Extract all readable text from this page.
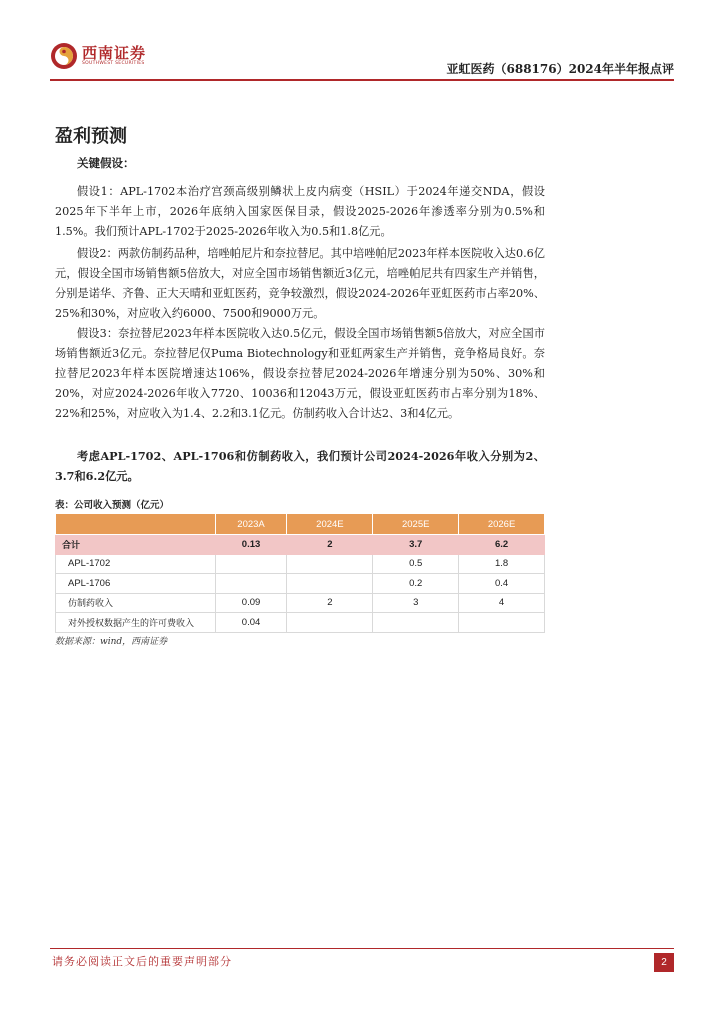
西南证券
SOUTHWEST SECURITIES	亚虹医药（688176）2024年半年报点评
盈利预测
关键假设：

假设1：APL-1702本治疗宫颈高级别鳞状上皮内病变（HSIL）于2024年递交NDA，假设2025年下半年上市，2026年底纳入国家医保目录，假设2025-2026年渗透率分别为0.5%和1.5%。我们预计APL-1702于2025-2026年收入为0.5和1.8亿元。

假设2：两款仿制药品种，培唑帕尼片和奈拉替尼。其中培唑帕尼2023年样本医院收入达0.6亿元，假设全国市场销售额5倍放大，对应全国市场销售额近3亿元，培唑帕尼共有四家生产并销售，分别是诺华、齐鲁、正大天晴和亚虹医药，竞争较激烈，假设2024-2026年亚虹医药市占率20%、25%和30%，对应收入约6000、7500和9000万元。

假设3：奈拉替尼2023年样本医院收入达0.5亿元，假设全国市场销售额5倍放大，对应全国市场销售额近3亿元。奈拉替尼仅Puma Biotechnology和亚虹两家生产并销售，竞争格局良好。奈拉替尼2023年样本医院增速达106%，假设奈拉替尼2024-2026年增速分别为50%、30%和20%，对应2024-2026年收入7720、10036和12043万元，假设亚虹医药市占率分别为18%、22%和25%，对应收入为1.4、2.2和3.1亿元。仿制药收入合计达2、3和4亿元。

考虑APL-1702、APL-1706和仿制药收入，我们预计公司2024-2026年收入分别为2、3.7和6.2亿元。

表：公司收入预测（亿元）
	2023A	2024E	2025E	2026E
合计	0.13	2	3.7	6.2
APL-1702			0.5	1.8
APL-1706			0.2	0.4
仿制药收入	0.09	2	3	4
对外授权数据产生的许可费收入	0.04			
数据来源：wind，西南证券
请务必阅读正文后的重要声明部分	2
